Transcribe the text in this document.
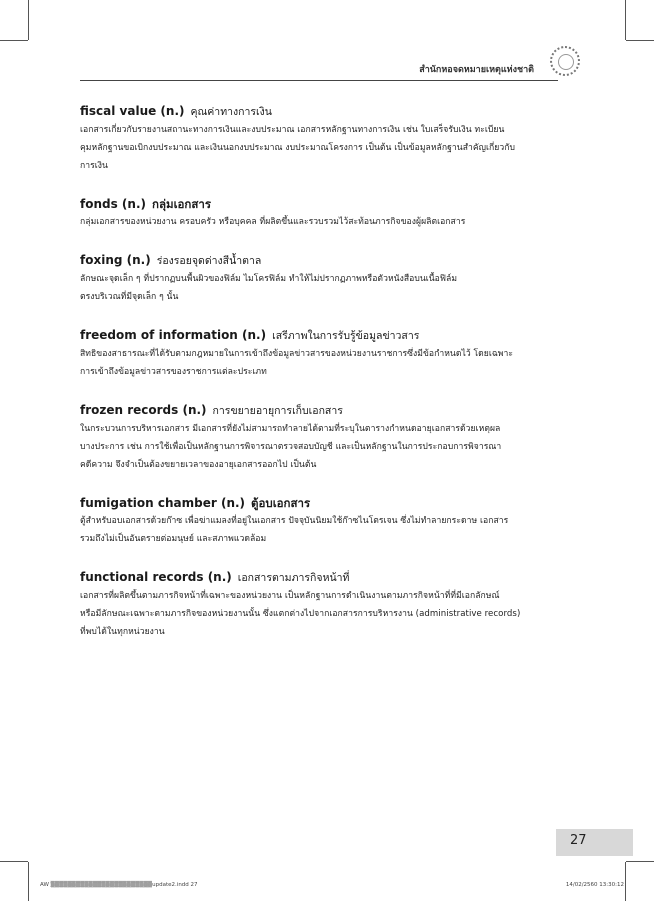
สำนักหอจดหมายเหตุแห่งชาติ
fiscal value (n.) คุณค่าทางการเงิน
เอกสารเกี่ยวกับรายงานสถานะทางการเงินและงบประมาณ เอกสารหลักฐานทางการเงิน เช่น ใบเสร็จรับเงิน ทะเบียน
คุมหลักฐานขอเบิกงบประมาณ และเงินนอกงบประมาณ งบประมาณโครงการ เป็นต้น เป็นข้อมูลหลักฐานสำคัญเกี่ยวกับ
การเงิน
fonds (n.) กลุ่มเอกสาร
กลุ่มเอกสารของหน่วยงาน ครอบครัว หรือบุคคล ที่ผลิตขึ้นและรวบรวมไว้สะท้อนภารกิจของผู้ผลิตเอกสาร
foxing (n.) ร่องรอยจุดด่างสีน้ำตาล
ลักษณะจุดเล็ก ๆ ที่ปรากฏบนพื้นผิวของฟิล์ม ไมโครฟิล์ม ทำให้ไม่ปรากฏภาพหรือตัวหนังสือบนเนื้อฟิล์ม
ตรงบริเวณที่มีจุดเล็ก ๆ นั้น
freedom of information (n.) เสรีภาพในการรับรู้ข้อมูลข่าวสาร
สิทธิของสาธารณะที่ได้รับตามกฎหมายในการเข้าถึงข้อมูลข่าวสารของหน่วยงานราชการซึ่งมีข้อกำหนดไว้ โดยเฉพาะ
การเข้าถึงข้อมูลข่าวสารของราชการแต่ละประเภท
frozen records (n.) การขยายอายุการเก็บเอกสาร
ในกระบวนการบริหารเอกสาร มีเอกสารที่ยังไม่สามารถทำลายได้ตามที่ระบุในตารางกำหนดอายุเอกสารด้วยเหตุผล
บางประการ เช่น การใช้เพื่อเป็นหลักฐานการพิจารณาตรวจสอบบัญชี และเป็นหลักฐานในการประกอบการพิจารณา
คดีความ จึงจำเป็นต้องขยายเวลาของอายุเอกสารออกไป เป็นต้น
fumigation chamber (n.) ตู้อบเอกสาร
ตู้สำหรับอบเอกสารด้วยก๊าซ เพื่อฆ่าแมลงที่อยู่ในเอกสาร ปัจจุบันนิยมใช้ก๊าซไนโตรเจน ซึ่งไม่ทำลายกระดาษ เอกสาร
รวมถึงไม่เป็นอันตรายต่อมนุษย์ และสภาพแวดล้อม
functional records (n.) เอกสารตามภารกิจหน้าที่
เอกสารที่ผลิตขึ้นตามภารกิจหน้าที่เฉพาะของหน่วยงาน เป็นหลักฐานการดำเนินงานตามภารกิจหน้าที่ที่มีเอกลักษณ์
หรือมีลักษณะเฉพาะตามภารกิจของหน่วยงานนั้น ซึ่งแตกต่างไปจากเอกสารการบริหารงาน (administrative records)
ที่พบได้ในทุกหน่วยงาน
27
AW ▒▒▒▒▒▒▒▒▒▒▒▒▒▒▒▒▒▒▒▒▒▒▒▒update2.indd 27	14/02/2560 13:30:12
